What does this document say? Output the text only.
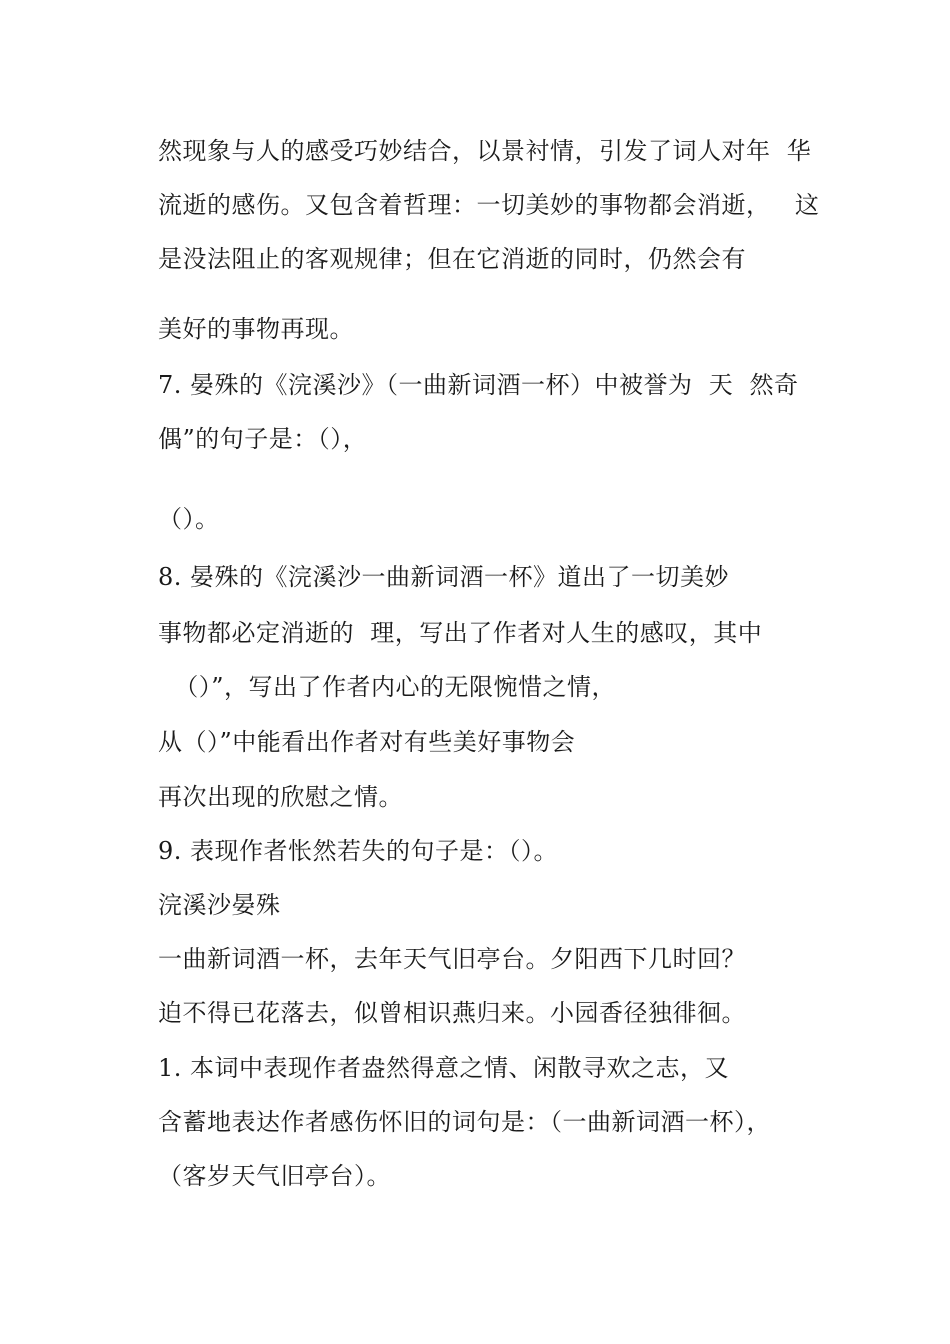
然现象与人的感受巧妙结合，以景衬情，引发了词人对年  华
流逝的感伤。又包含着哲理：一切美妙的事物都会消逝，   这
是没法阻止的客观规律；但在它消逝的同时，仍然会有
美好的事物再现。
7. 晏殊的《浣溪沙》（一曲新词酒一杯）中被誉为  天  然奇
偶”的句子是：（），
（）。
8. 晏殊的《浣溪沙一曲新词酒一杯》道出了一切美妙
事物都必定消逝的  理，写出了作者对人生的感叹，其中
（）”，写出了作者内心的无限惋惜之情，
从（）”中能看出作者对有些美好事物会
再次出现的欣慰之情。
9. 表现作者怅然若失的句子是：（）。
浣溪沙晏殊
一曲新词酒一杯，去年天气旧亭台。夕阳西下几时回？
迫不得已花落去，似曾相识燕归来。小园香径独徘徊。
1. 本词中表现作者盎然得意之情、闲散寻欢之志，又
含蓄地表达作者感伤怀旧的词句是：（一曲新词酒一杯），
（客岁天气旧亭台）。
